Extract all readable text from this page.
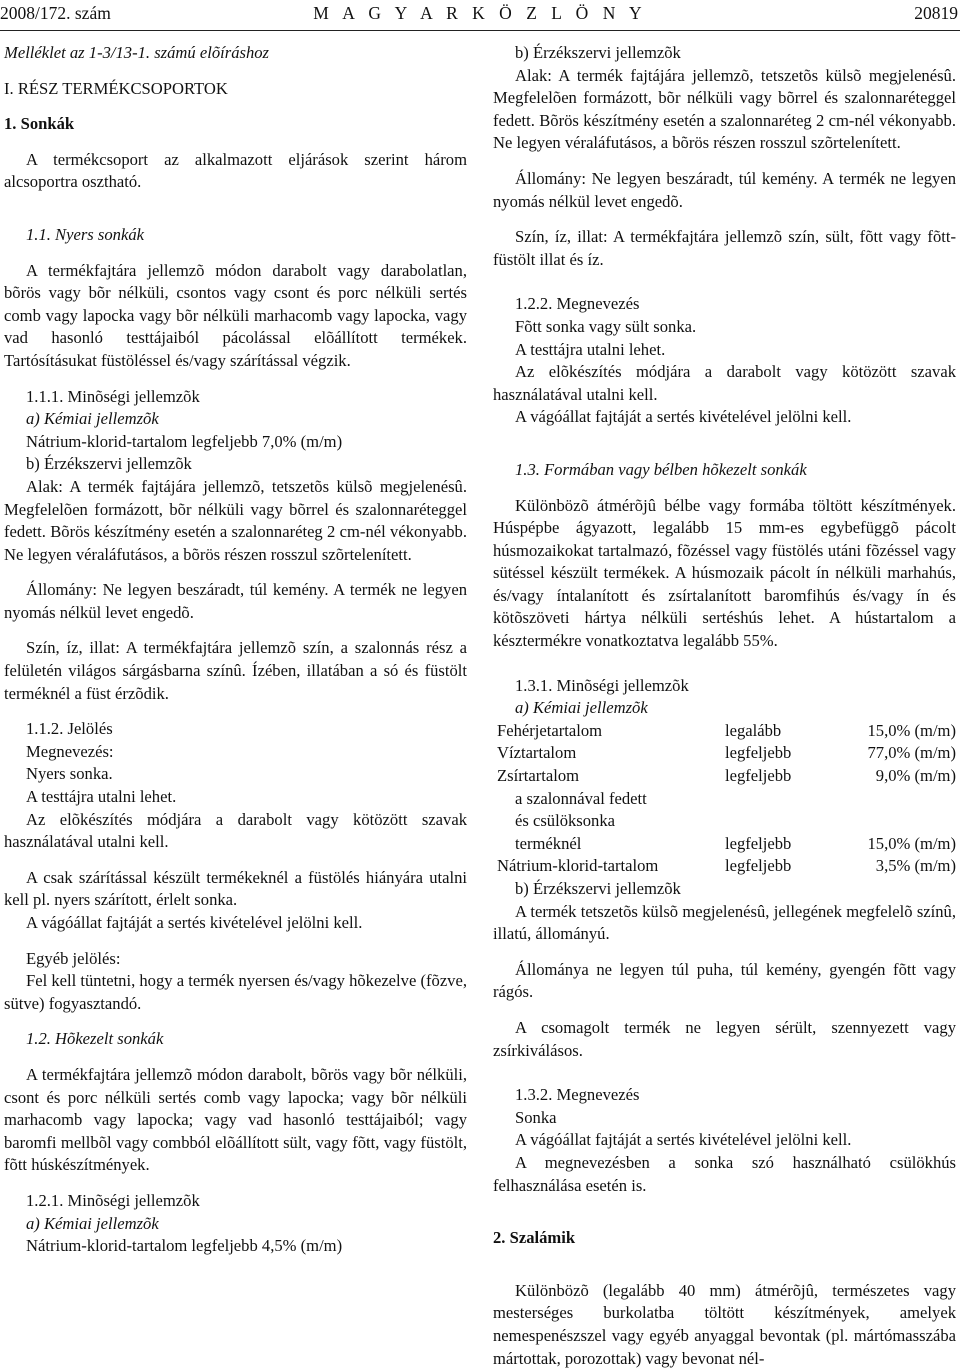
2008/172. szám	M A G Y A R K Ö Z L Ö N Y	20819

Melléklet az 1-3/13-1. számú elõíráshoz

I. RÉSZ TERMÉKCSOPORTOK

1. Sonkák

A termékcsoport az alkalmazott eljárások szerint három alcsoportra osztható.

1.1. Nyers sonkák

A termékfajtára jellemzõ módon darabolt vagy darabolatlan, bõrös vagy bõr nélküli, csontos vagy csont és porc nélküli sertés comb vagy lapocka vagy bõr nélküli marhacomb vagy lapocka, vagy vad hasonló testtájaiból pácolással elõállított termékek. Tartósításukat füstöléssel és/vagy szárítással végzik.

1.1.1. Minõségi jellemzõk

a) Kémiai jellemzõk

Nátrium-klorid-tartalom legfeljebb 7,0% (m/m)

b) Érzékszervi jellemzõk

Alak: A termék fajtájára jellemzõ, tetszetõs külsõ megjelenésû. Megfelelõen formázott, bõr nélküli vagy bõrrel és szalonnaréteggel fedett. Bõrös készítmény esetén a szalonnaréteg 2 cm-nél vékonyabb. Ne legyen véraláfutásos, a bõrös részen rosszul szõrtelenített.

Állomány: Ne legyen beszáradt, túl kemény. A termék ne legyen nyomás nélkül levet engedõ.

Szín, íz, illat: A termékfajtára jellemzõ szín, a szalonnás rész a felületén világos sárgásbarna színû. Ízében, illatában a só és füstölt terméknél a füst érzõdik.

1.1.2. Jelölés

Megnevezés:

Nyers sonka.

A testtájra utalni lehet.

Az elõkészítés módjára a darabolt vagy kötözött szavak használatával utalni kell.

A csak szárítással készült termékeknél a füstölés hiányára utalni kell pl. nyers szárított, érlelt sonka.

A vágóállat fajtáját a sertés kivételével jelölni kell.

Egyéb jelölés:

Fel kell tüntetni, hogy a termék nyersen és/vagy hõkezelve (fõzve, sütve) fogyasztandó.

1.2. Hõkezelt sonkák

A termékfajtára jellemzõ módon darabolt, bõrös vagy bõr nélküli, csont és porc nélküli sertés comb vagy lapocka; vagy bõr nélküli marhacomb vagy lapocka; vagy vad hasonló testtájaiból; vagy baromfi mellbõl vagy combból elõállított sült, vagy fõtt, vagy füstölt, fõtt húskészítmények.

1.2.1. Minõségi jellemzõk

a) Kémiai jellemzõk

Nátrium-klorid-tartalom legfeljebb 4,5% (m/m)

b) Érzékszervi jellemzõk

Alak: A termék fajtájára jellemzõ, tetszetõs külsõ megjelenésû. Megfelelõen formázott, bõr nélküli vagy bõrrel és szalonnaréteggel fedett. Bõrös készítmény esetén a szalonnaréteg 2 cm-nél vékonyabb. Ne legyen véraláfutásos, a bõrös részen rosszul szõrtelenített.

Állomány: Ne legyen beszáradt, túl kemény. A termék ne legyen nyomás nélkül levet engedõ.

Szín, íz, illat: A termékfajtára jellemzõ szín, sült, fõtt vagy fõtt-füstölt illat és íz.

1.2.2. Megnevezés

Fõtt sonka vagy sült sonka.

A testtájra utalni lehet.

Az elõkészítés módjára a darabolt vagy kötözött szavak használatával utalni kell.

A vágóállat fajtáját a sertés kivételével jelölni kell.

1.3. Formában vagy bélben hõkezelt sonkák

Különbözõ átmérõjû bélbe vagy formába töltött készítmények. Húspépbe ágyazott, legalább 15 mm-es egybefüggõ pácolt húsmozaikokat tartalmazó, fõzéssel vagy füstölés utáni fõzéssel vagy sütéssel készült termékek. A húsmozaik pácolt ín nélküli marhahús, és/vagy íntalanított és zsírtalanított baromfihús és/vagy ín és kötõszöveti hártya nélküli sertéshús lehet. A hústartalom a késztermékre vonatkoztatva legalább 55%.

1.3.1. Minõségi jellemzõk

a) Kémiai jellemzõk

Fehérjetartalom	legalább	15,0% (m/m)
Víztartalom	legfeljebb	77,0% (m/m)
Zsírtartalom	legfeljebb	9,0% (m/m)
a szalonnával fedett		
és csülöksonka		
terméknél	legfeljebb	15,0% (m/m)
Nátrium-klorid-tartalom	legfeljebb	3,5% (m/m)

b) Érzékszervi jellemzõk

A termék tetszetõs külsõ megjelenésû, jellegének megfelelõ színû, illatú, állományú.

Állománya ne legyen túl puha, túl kemény, gyengén fõtt vagy rágós.

A csomagolt termék ne legyen sérült, szennyezett vagy zsírkiválásos.

1.3.2. Megnevezés

Sonka

A vágóállat fajtáját a sertés kivételével jelölni kell.

A megnevezésben a sonka szó használható csülökhús felhasználása esetén is.

2. Szalámik

Különbözõ (legalább 40 mm) átmérõjû, természetes vagy mesterséges burkolatba töltött készítmények, amelyek nemespenészszel vagy egyéb anyaggal bevontak (pl. mártómasszába mártottak, porozottak) vagy bevonat nél-
